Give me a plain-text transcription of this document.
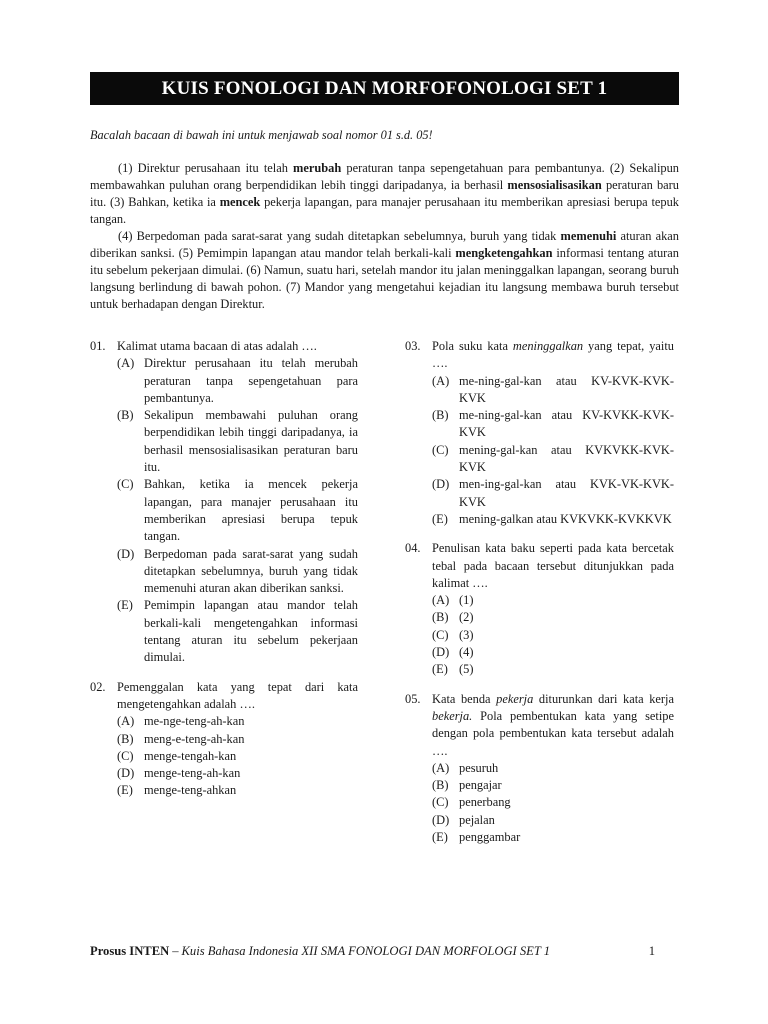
KUIS FONOLOGI DAN MORFOFONOLOGI SET 1
Bacalah bacaan di bawah ini untuk menjawab soal nomor 01 s.d. 05!

(1) Direktur perusahaan itu telah merubah peraturan tanpa sepengetahuan para pembantunya. (2) Sekalipun membawahkan puluhan orang berpendidikan lebih tinggi daripadanya, ia berhasil mensosialisasikan peraturan baru itu. (3) Bahkan, ketika ia mencek pekerja lapangan, para manajer perusahaan itu memberikan apresiasi berupa tepuk tangan.

(4) Berpedoman pada sarat-sarat yang sudah ditetapkan sebelumnya, buruh yang tidak memenuhi aturan akan diberikan sanksi. (5) Pemimpin lapangan atau mandor telah berkali-kali mengketengahkan informasi tentang aturan itu sebelum pekerjaan dimulai. (6) Namun, suatu hari, setelah mandor itu jalan meninggalkan lapangan, seorang buruh langsung berlindung di bawah pohon. (7) Mandor yang mengetahui kejadian itu langsung membawa buruh tersebut untuk berhadapan dengan Direktur.

01. Kalimat utama bacaan di atas adalah ….
(A) Direktur perusahaan itu telah merubah peraturan tanpa sepengetahuan para pembantunya.
(B) Sekalipun membawahi puluhan orang berpendidikan lebih tinggi daripadanya, ia berhasil mensosialisasikan peraturan baru itu.
(C) Bahkan, ketika ia mencek pekerja lapangan, para manajer perusahaan itu memberikan apresiasi berupa tepuk tangan.
(D) Berpedoman pada sarat-sarat yang sudah ditetapkan sebelumnya, buruh yang tidak memenuhi aturan akan diberikan sanksi.
(E) Pemimpin lapangan atau mandor telah berkali-kali mengetengahkan informasi tentang aturan itu sebelum pekerjaan dimulai.
02. Pemenggalan kata yang tepat dari kata mengetengahkan adalah ….
(A) me-nge-teng-ah-kan
(B) meng-e-teng-ah-kan
(C) menge-tengah-kan
(D) menge-teng-ah-kan
(E) menge-teng-ahkan
03. Pola suku kata meninggalkan yang tepat, yaitu ….
(A) me-ning-gal-kan atau KV-KVK-KVK-KVK
(B) me-ning-gal-kan atau KV-KVKK-KVK-KVK
(C) mening-gal-kan atau KVKVKK-KVK-KVK
(D) men-ing-gal-kan atau KVK-VK-KVK-KVK
(E) mening-galkan atau KVKVKK-KVKKVK
04. Penulisan kata baku seperti pada kata bercetak tebal pada bacaan tersebut ditunjukkan pada kalimat ….
(A) (1)
(B) (2)
(C) (3)
(D) (4)
(E) (5)
05. Kata benda pekerja diturunkan dari kata kerja bekerja. Pola pembentukan kata yang setipe dengan pola pembentukan kata tersebut adalah ….
(A) pesuruh
(B) pengajar
(C) penerbang
(D) pejalan
(E) penggambar
Prosus INTEN – Kuis Bahasa Indonesia XII SMA FONOLOGI DAN MORFOLOGI SET 1	1
